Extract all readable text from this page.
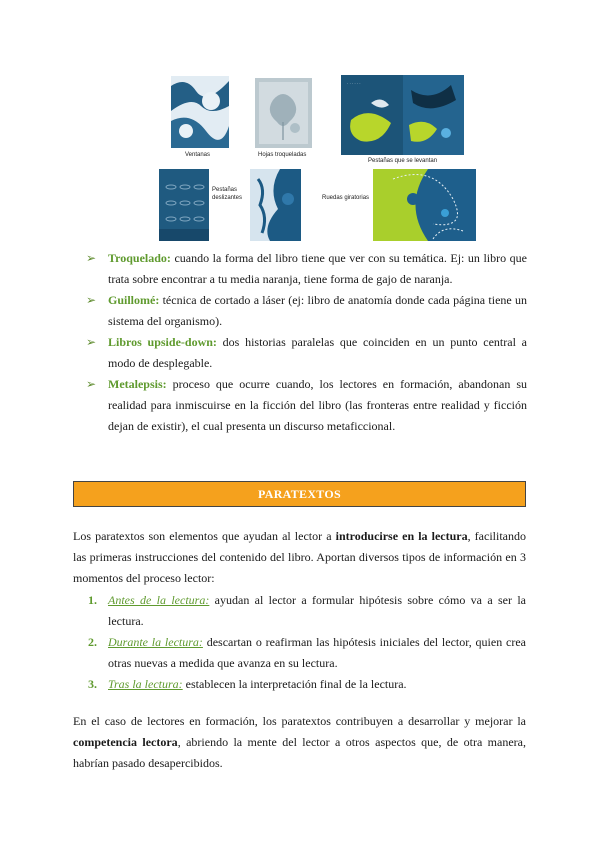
Ventanas	Hojas troqueladas
· · · · · ·
Pestañas que se levantan
Pestañas deslizantes	Ruedas giratorias
➢ Troquelado: cuando la forma del libro tiene que ver con su temática. Ej: un libro que trata sobre encontrar a tu media naranja, tiene forma de gajo de naranja.
➢ Guillomé: técnica de cortado a láser (ej: libro de anatomía donde cada página tiene un sistema del organismo).
➢ Libros upside-down: dos historias paralelas que coinciden en un punto central a modo de desplegable.
➢ Metalepsis: proceso que ocurre cuando, los lectores en formación, abandonan su realidad para inmiscuirse en la ficción del libro (las fronteras entre realidad y ficción dejan de existir), el cual presenta un discurso metaficcional.
PARATEXTOS

Los paratextos son elementos que ayudan al lector a introducirse en la lectura, facilitando las primeras instrucciones del contenido del libro. Aportan diversos tipos de información en 3 momentos del proceso lector:

1. Antes de la lectura: ayudan al lector a formular hipótesis sobre cómo va a ser la lectura.
2. Durante la lectura: descartan o reafirman las hipótesis iniciales del lector, quien crea otras nuevas a medida que avanza en su lectura.
3. Tras la lectura: establecen la interpretación final de la lectura.

En el caso de lectores en formación, los paratextos contribuyen a desarrollar y mejorar la competencia lectora, abriendo la mente del lector a otros aspectos que, de otra manera, habrían pasado desapercibidos.
